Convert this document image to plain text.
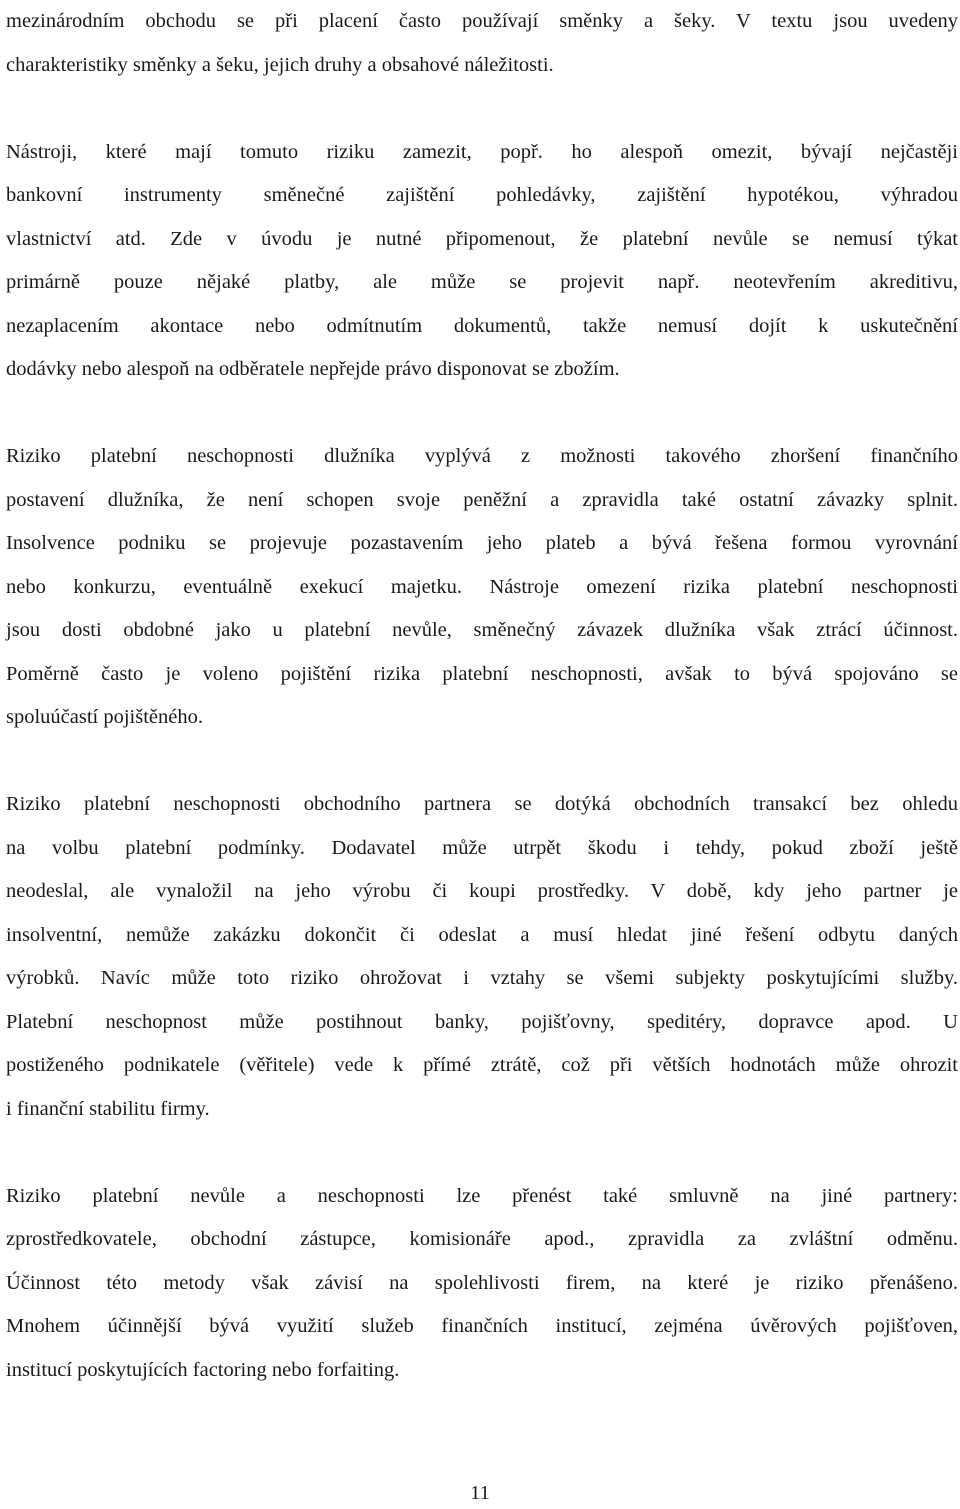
mezinárodním obchodu se při placení často používají směnky a šeky. V textu jsou uvedeny
charakteristiky směnky a šeku, jejich druhy a obsahové náležitosti.
Nástroji, které mají tomuto riziku zamezit, popř. ho alespoň omezit, bývají nejčastěji
bankovní instrumenty směnečné zajištění pohledávky, zajištění hypotékou, výhradou
vlastnictví atd. Zde v úvodu je nutné připomenout, že platební nevůle se nemusí týkat
primárně pouze nějaké platby, ale může se projevit např. neotevřením akreditivu,
nezaplacením akontace nebo odmítnutím dokumentů, takže nemusí dojít k uskutečnění
dodávky nebo alespoň na odběratele nepřejde právo disponovat se zbožím.
Riziko platební neschopnosti dlužníka vyplývá z možnosti takového zhoršení finančního
postavení dlužníka, že není schopen svoje peněžní a zpravidla také ostatní závazky splnit.
Insolvence podniku se projevuje pozastavením jeho plateb a bývá řešena formou vyrovnání
nebo konkurzu, eventuálně exekucí majetku. Nástroje omezení rizika platební neschopnosti
jsou dosti obdobné jako u platební nevůle, směnečný závazek dlužníka však ztrácí účinnost.
Poměrně často je voleno pojištění rizika platební neschopnosti, avšak to bývá spojováno se
spoluúčastí pojištěného.
Riziko platební neschopnosti obchodního partnera se dotýká obchodních transakcí bez ohledu
na volbu platební podmínky. Dodavatel může utrpět škodu i tehdy, pokud zboží ještě
neodeslal, ale vynaložil na jeho výrobu či koupi prostředky. V době, kdy jeho partner je
insolventní, nemůže zakázku dokončit či odeslat a musí hledat jiné řešení odbytu daných
výrobků. Navíc může toto riziko ohrožovat i vztahy se všemi subjekty poskytujícími služby.
Platební neschopnost může postihnout banky, pojišťovny, speditéry, dopravce apod. U
postiženého podnikatele (věřitele) vede k přímé ztrátě, což při větších hodnotách může ohrozit
i finanční stabilitu firmy.
Riziko platební nevůle a neschopnosti lze přenést také smluvně na jiné partnery:
zprostředkovatele, obchodní zástupce, komisionáře apod., zpravidla za zvláštní odměnu.
Účinnost této metody však závisí na spolehlivosti firem, na které je riziko přenášeno.
Mnohem účinnější bývá využití služeb finančních institucí, zejména úvěrových pojišťoven,
institucí poskytujících factoring nebo forfaiting.
11
